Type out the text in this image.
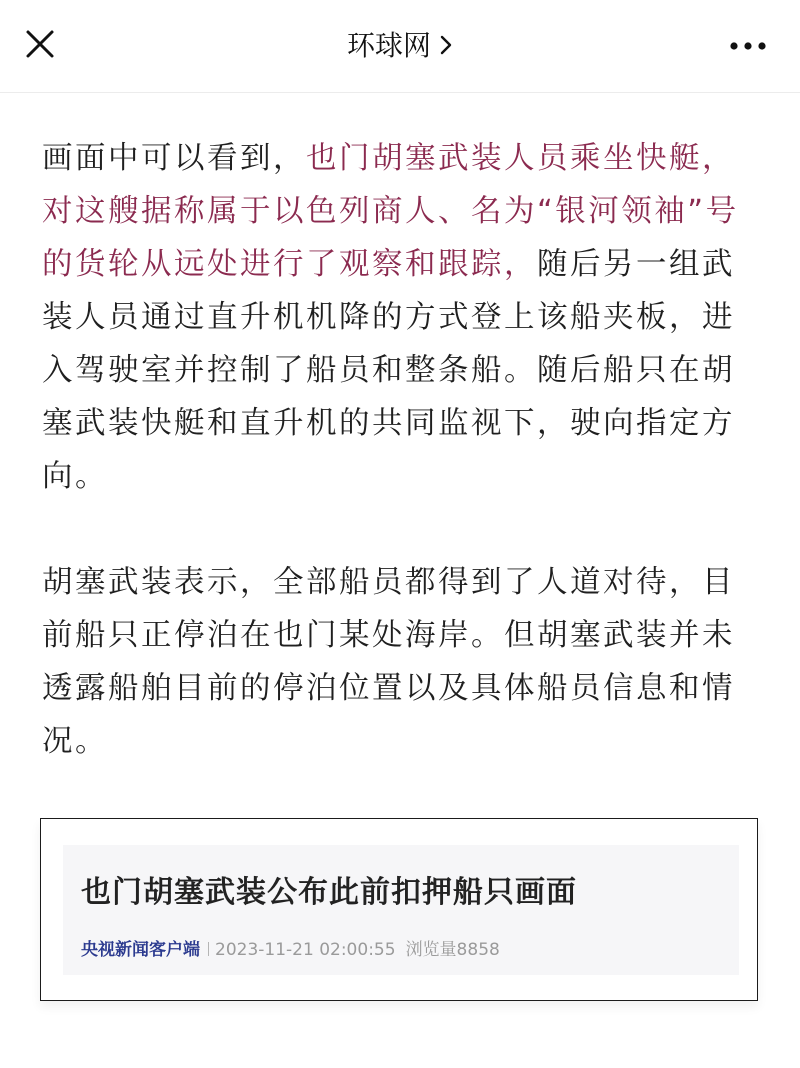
环球网

画面中可以看到，也门胡塞武装人员乘坐快艇，对这艘据称属于以色列商人、名为“银河领袖”号的货轮从远处进行了观察和跟踪，随后另一组武装人员通过直升机机降的方式登上该船夹板，进入驾驶室并控制了船员和整条船。随后船只在胡塞武装快艇和直升机的共同监视下，驶向指定方向。

胡塞武装表示，全部船员都得到了人道对待，目前船只正停泊在也门某处海岸。但胡塞武装并未透露船舶目前的停泊位置以及具体船员信息和情况。

也门胡塞武装公布此前扣押船只画面
央视新闻客户端 2023-11-21 02:00:55 浏览量8858
